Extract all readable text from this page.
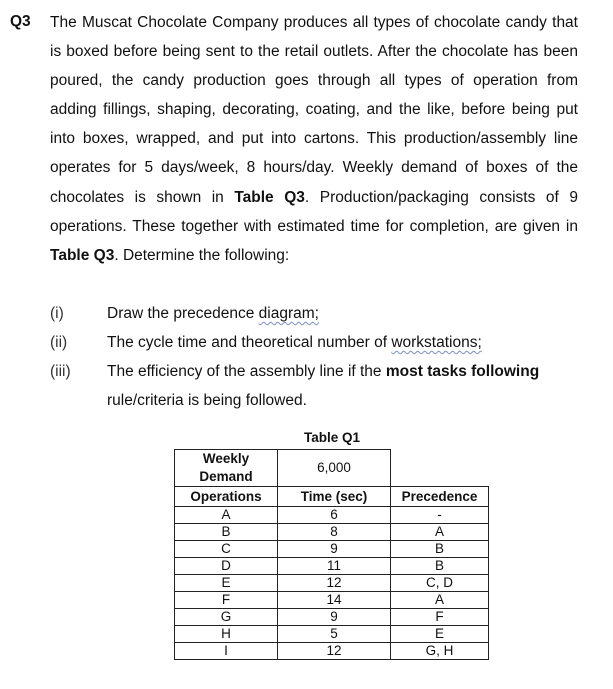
Q3 The Muscat Chocolate Company produces all types of chocolate candy that is boxed before being sent to the retail outlets. After the chocolate has been poured, the candy production goes through all types of operation from adding fillings, shaping, decorating, coating, and the like, before being put into boxes, wrapped, and put into cartons. This production/assembly line operates for 5 days/week, 8 hours/day. Weekly demand of boxes of the chocolates is shown in Table Q3. Production/packaging consists of 9 operations. These together with estimated time for completion, are given in Table Q3. Determine the following:
(i)	Draw the precedence diagram;
(ii)	The cycle time and theoretical number of workstations;
(iii) The efficiency of the assembly line if the most tasks following
rule/criteria is being followed.
Table Q1
Weekly
Demand	6,000	
Operations	Time (sec)	Precedence
A	6	-
B	8	A
C	9	B
D	11	B
E	12	C, D
F	14	A
G	9	F
H	5	E
I	12	G, H
